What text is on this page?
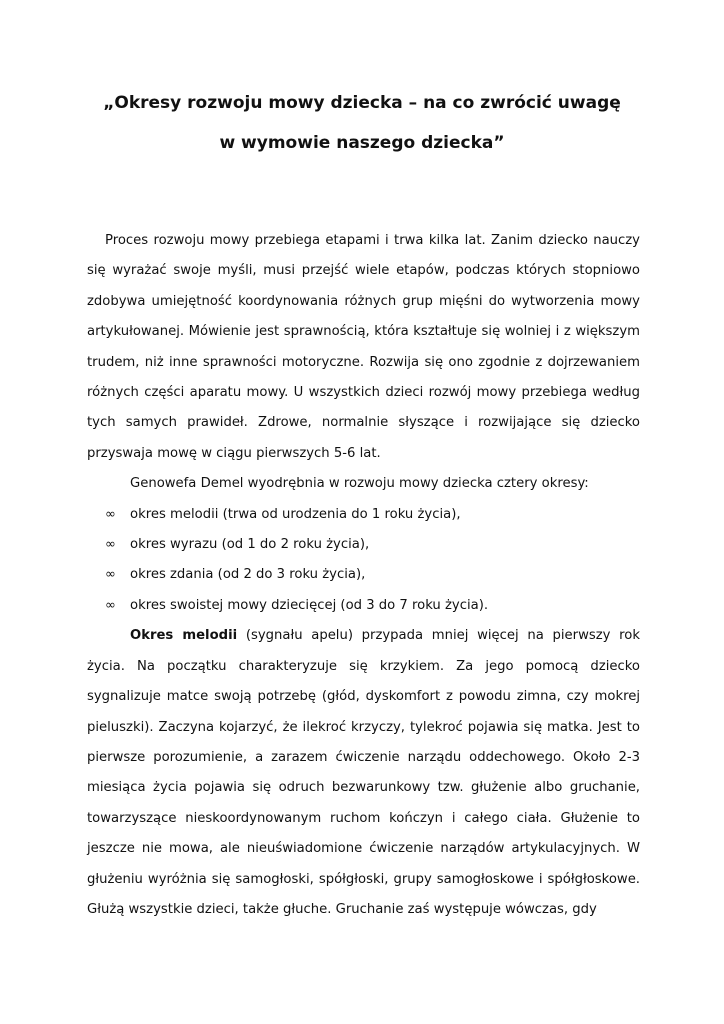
„Okresy rozwoju mowy dziecka – na co zwrócić uwagę
w wymowie naszego dziecka”

Proces rozwoju mowy przebiega etapami i trwa kilka lat. Zanim dziecko nauczy się wyrażać swoje myśli, musi przejść wiele etapów, podczas których stopniowo zdobywa umiejętność koordynowania różnych grup mięśni do wytworzenia mowy artykułowanej. Mówienie jest sprawnością, która kształtuje się wolniej i z większym trudem, niż inne sprawności motoryczne. Rozwija się ono zgodnie z dojrzewaniem różnych części aparatu mowy. U wszystkich dzieci rozwój mowy przebiega według tych samych prawideł. Zdrowe, normalnie słyszące i rozwijające się dziecko przyswaja mowę w ciągu pierwszych 5-6 lat.

Genowefa Demel wyodrębnia w rozwoju mowy dziecka cztery okresy:

∞ okres melodii (trwa od urodzenia do 1 roku życia),
∞ okres wyrazu (od 1 do 2 roku życia),
∞ okres zdania (od 2 do 3 roku życia),
∞ okres swoistej mowy dziecięcej (od 3 do 7 roku życia).

Okres melodii (sygnału apelu) przypada mniej więcej na pierwszy rok życia. Na początku charakteryzuje się krzykiem. Za jego pomocą dziecko sygnalizuje matce swoją potrzebę (głód, dyskomfort z powodu zimna, czy mokrej pieluszki). Zaczyna kojarzyć, że ilekroć krzyczy, tylekroć pojawia się matka. Jest to pierwsze porozumienie, a zarazem ćwiczenie narządu oddechowego. Około 2-3 miesiąca życia pojawia się odruch bezwarunkowy tzw. głużenie albo gruchanie, towarzyszące nieskoordynowanym ruchom kończyn i całego ciała. Głużenie to jeszcze nie mowa, ale nieuświadomione ćwiczenie narządów artykulacyjnych. W głużeniu wyróżnia się samogłoski, spółgłoski, grupy samogłoskowe i spółgłoskowe. Głużą wszystkie dzieci, także głuche. Gruchanie zaś występuje wówczas, gdy
